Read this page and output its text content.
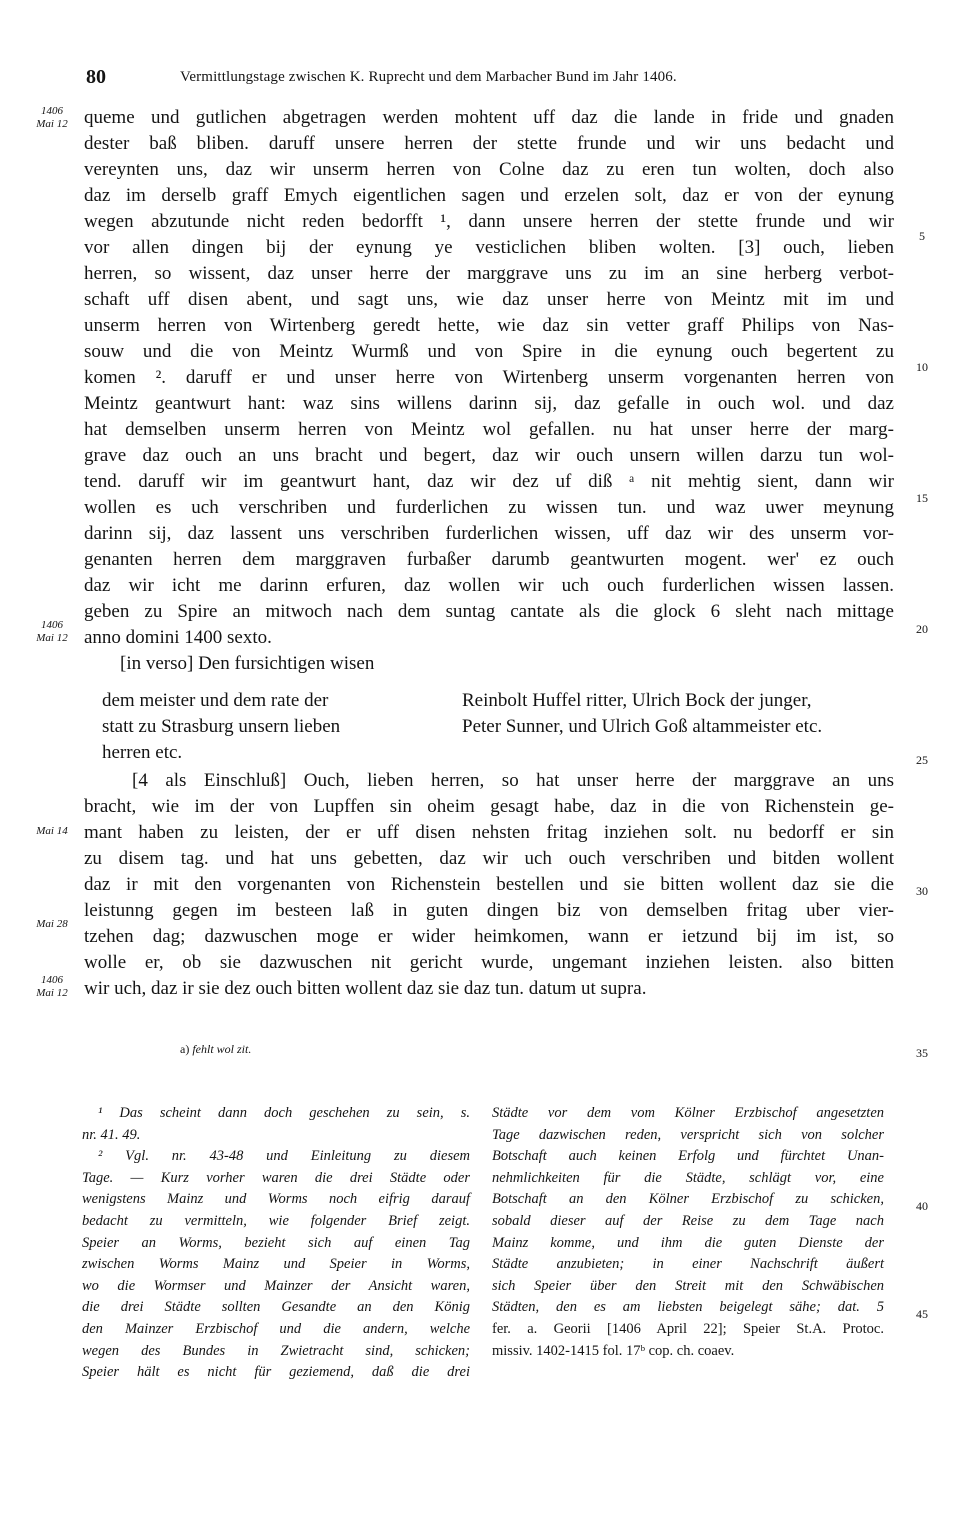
80	Vermittlungstage zwischen K. Ruprecht und dem Marbacher Bund im Jahr 1406.
1406
Mai 12
1406
Mai 12
Mai 14
Mai 28
1406
Mai 12
5
10
15
20
25
30
35
40
45
queme und gutlichen abgetragen werden mohtent uff daz die lande in fride und gnaden
dester baß bliben. daruff unsere herren der stette frunde und wir uns bedacht und
vereynten uns, daz wir unserm herren von Colne daz zu eren tun wolten, doch also
daz im derselb graff Emych eigentlichen sagen und erzelen solt, daz er von der eynung
wegen abzutunde nicht reden bedorfft ¹, dann unsere herren der stette frunde und wir
vor allen dingen bij der eynung ye vesticlichen bliben wolten. [3] ouch, lieben
herren, so wissent, daz unser herre der marggrave uns zu im an sine herberg verbot-
schaft uff disen abent, und sagt uns, wie daz unser herre von Meintz mit im und
unserm herren von Wirtenberg geredt hette, wie daz sin vetter graff Philips von Nas-
souw und die von Meintz Wurmß und von Spire in die eynung ouch begertent zu
komen ². daruff er und unser herre von Wirtenberg unserm vorgenanten herren von
Meintz geantwurt hant: waz sins willens darinn sij, daz gefalle in ouch wol. und daz
hat demselben unserm herren von Meintz wol gefallen. nu hat unser herre der marg-
grave daz ouch an uns bracht und begert, daz wir ouch unsern willen darzu tun wol-
tend. daruff wir im geantwurt hant, daz wir dez uf diß ᵃ nit mehtig sient, dann wir
wollen es uch verschriben und furderlichen zu wissen tun. und waz uwer meynung
darinn sij, daz lassent uns verschriben furderlichen wissen, uff daz wir des unserm vor-
genanten herren dem marggraven furbaßer darumb geantwurten mogent. wer' ez ouch
daz wir icht me darinn erfuren, daz wollen wir uch ouch furderlichen wissen lassen.
geben zu Spire an mitwoch nach dem suntag cantate als die glock 6 sleht nach mittage
anno domini 1400 sexto.
[in verso] Den fursichtigen wisen
dem meister und dem rate der
statt zu Strasburg unsern lieben
herren etc.
Reinbolt Huffel ritter, Ulrich Bock der junger,
Peter Sunner, und Ulrich Goß altammeister etc.
[4 als Einschluß] Ouch, lieben herren, so hat unser herre der marggrave an uns
bracht, wie im der von Lupffen sin oheim gesagt habe, daz in die von Richenstein ge-
mant haben zu leisten, der er uff disen nehsten fritag inziehen solt. nu bedorff er sin
zu disem tag. und hat uns gebetten, daz wir uch ouch verschriben und bitden wollent
daz ir mit den vorgenanten von Richenstein bestellen und sie bitten wollent daz sie die
leistunng gegen im besteen laß in guten dingen biz von demselben fritag uber vier-
tzehen dag; dazwuschen moge er wider heimkomen, wann er ietzund bij im ist, so
wolle er, ob sie dazwuschen nit gericht wurde, ungemant inziehen leisten. also bitten
wir uch, daz ir sie dez ouch bitten wollent daz sie daz tun. datum ut supra.
a) fehlt wol zit.
¹ Das scheint dann doch geschehen zu sein, s.
nr. 41. 49.
² Vgl. nr. 43-48 und Einleitung zu diesem
Tage. — Kurz vorher waren die drei Städte oder
wenigstens Mainz und Worms noch eifrig darauf
bedacht zu vermitteln, wie folgender Brief zeigt.
Speier an Worms, bezieht sich auf einen Tag
zwischen Worms Mainz und Speier in Worms,
wo die Wormser und Mainzer der Ansicht waren,
die drei Städte sollten Gesandte an den König
den Mainzer Erzbischof und die andern, welche
wegen des Bundes in Zwietracht sind, schicken;
Speier hält es nicht für geziemend, daß die drei
Städte vor dem vom Kölner Erzbischof angesetzten
Tage dazwischen reden, verspricht sich von solcher
Botschaft auch keinen Erfolg und fürchtet Unan-
nehmlichkeiten für die Städte, schlägt vor, eine
Botschaft an den Kölner Erzbischof zu schicken,
sobald dieser auf der Reise zu dem Tage nach
Mainz komme, und ihm die guten Dienste der
Städte anzubieten; in einer Nachschrift äußert
sich Speier über den Streit mit den Schwäbischen
Städten, den es am liebsten beigelegt sähe; dat. 5
fer. a. Georii [1406 April 22]; Speier St.A. Protoc.
missiv. 1402-1415 fol. 17ᵇ cop. ch. coaev.
